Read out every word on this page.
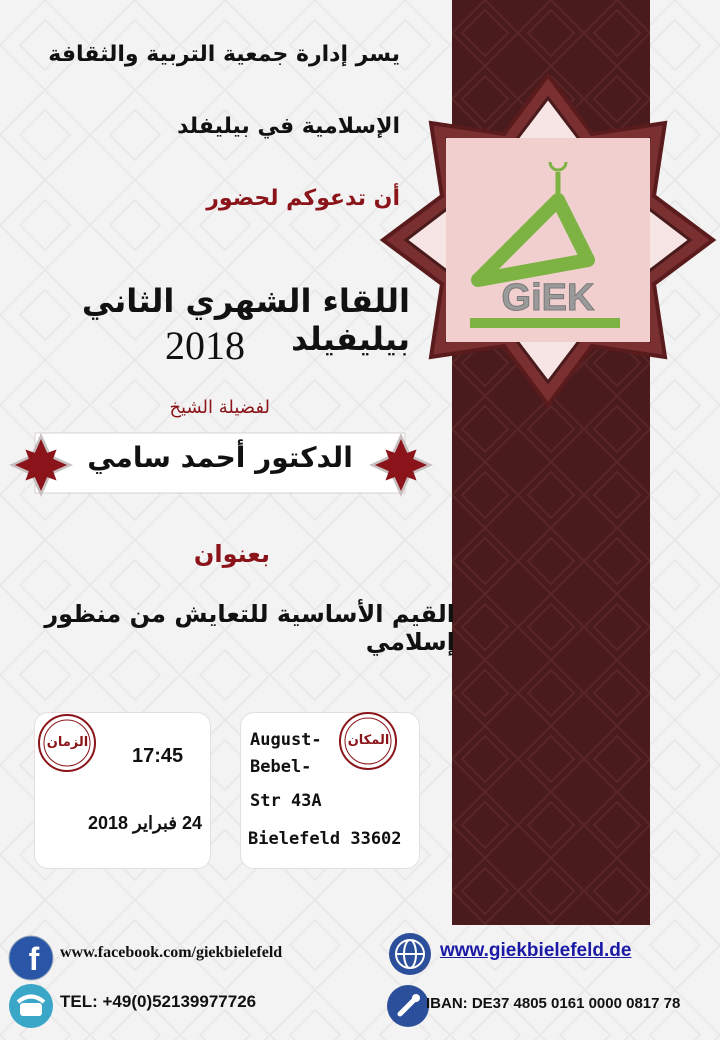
GiEK
يسر إدارة جمعية التربية والثقافة
الإسلامية في بيليفلد
أن تدعوكم لحضور
اللقاء الشهري الثاني بيليفيلد
2018
لفضيلة الشيخ
الدكتور أحمد سامي
بعنوان
القيم الأساسية للتعايش من منظور إسلامي
الزمان
17:45
24 فبراير 2018
المكان
August-
Bebel-
Str 43A
Bielefeld 33602
f www.facebook.com/giekbielefeld	www.giekbielefeld.de
TEL: +49(0)52139977726	IBAN: DE37 4805 0161 0000 0817 78
